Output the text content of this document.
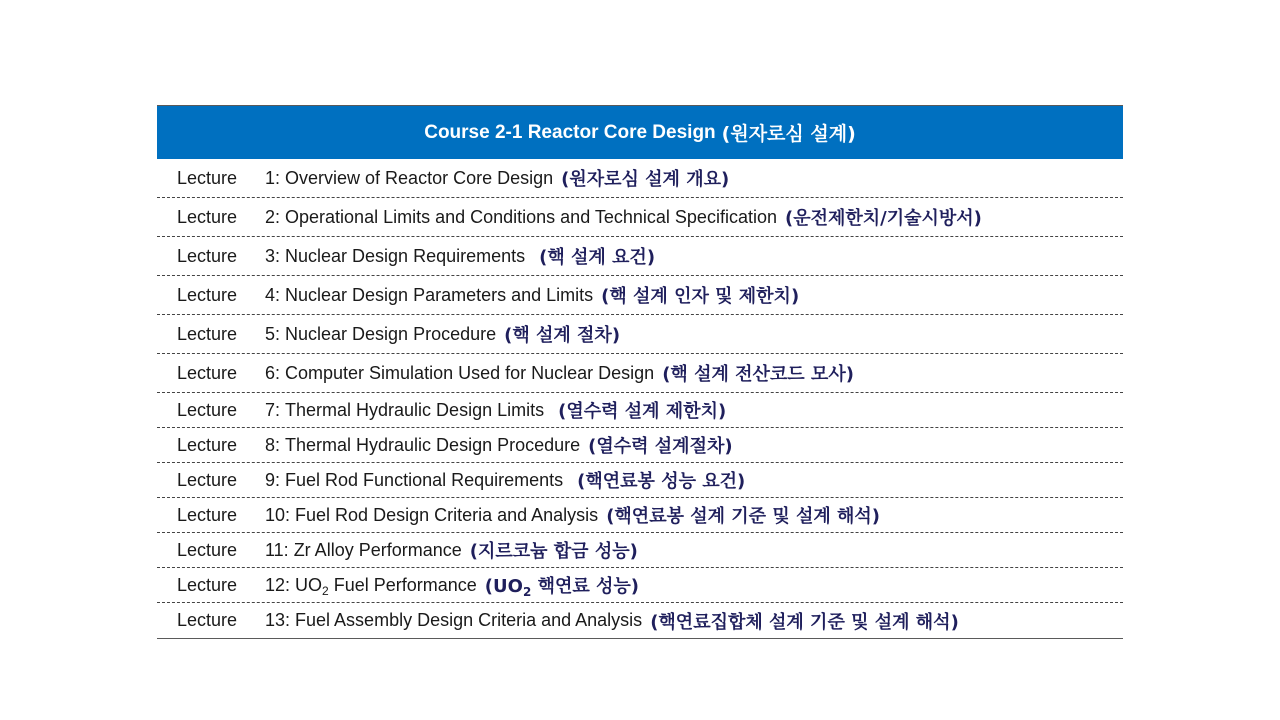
Course 2-1 Reactor Core Design (원자로심 설계)
Lecture	1: Overview of Reactor Core Design (원자로심 설계 개요)
Lecture	2: Operational Limits and Conditions and Technical Specification (운전제한치/기술시방서)
Lecture	3: Nuclear Design Requirements (핵 설계 요건)
Lecture	4: Nuclear Design Parameters and Limits (핵 설계 인자 및 제한치)
Lecture	5: Nuclear Design Procedure (핵 설계 절차)
Lecture	6: Computer Simulation Used for Nuclear Design (핵 설계 전산코드 모사)
Lecture	7: Thermal Hydraulic Design Limits (열수력 설계 제한치)
Lecture	8: Thermal Hydraulic Design Procedure (열수력 설계절차)
Lecture	9: Fuel Rod Functional Requirements (핵연료봉 성능 요건)
Lecture	10: Fuel Rod Design Criteria and Analysis (핵연료봉 설계 기준 및 설계 해석)
Lecture	11: Zr Alloy Performance (지르코늄 합금 성능)
Lecture	12: $UO_2$ Fuel Performance ($UO_2$ 핵연료 성능)
Lecture	13: Fuel Assembly Design Criteria and Analysis (핵연료집합체 설계 기준 및 설계 해석)
